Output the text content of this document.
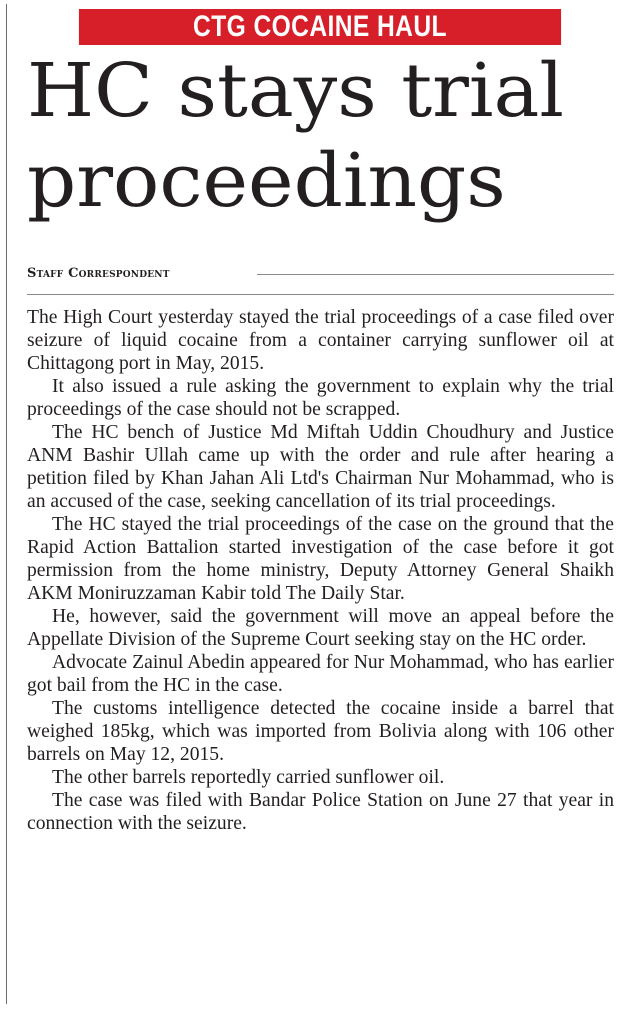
CTG COCAINE HAUL
HC stays trial proceedings
Staff Correspondent

The High Court yesterday stayed the trial proceedings of a case filed over seizure of liquid cocaine from a container carrying sunflower oil at Chittagong port in May, 2015.

It also issued a rule asking the government to explain why the trial proceedings of the case should not be scrapped.

The HC bench of Justice Md Miftah Uddin Choudhury and Justice ANM Bashir Ullah came up with the order and rule after hearing a petition filed by Khan Jahan Ali Ltd's Chairman Nur Mohammad, who is an accused of the case, seeking cancellation of its trial proceedings.

The HC stayed the trial proceedings of the case on the ground that the Rapid Action Battalion started investigation of the case before it got permission from the home ministry, Deputy Attorney General Shaikh AKM Moniruzzaman Kabir told The Daily Star.

He, however, said the government will move an appeal before the Appellate Division of the Supreme Court seeking stay on the HC order.

Advocate Zainul Abedin appeared for Nur Mohammad, who has earlier got bail from the HC in the case.

The customs intelligence detected the cocaine inside a barrel that weighed 185kg, which was imported from Bolivia along with 106 other barrels on May 12, 2015.

The other barrels reportedly carried sunflower oil.

The case was filed with Bandar Police Station on June 27 that year in connection with the seizure.
